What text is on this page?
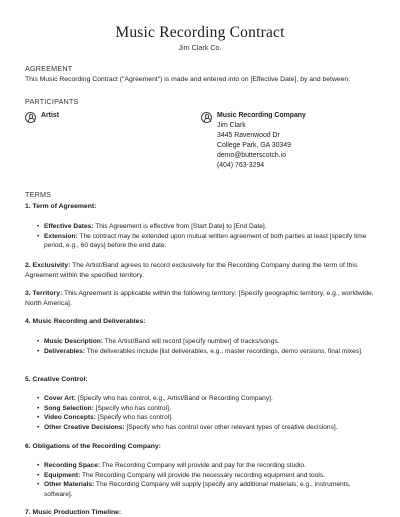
Music Recording Contract
Jim Clark Co.
AGREEMENT
This Music Recording Contract ("Agreement") is made and entered into on [Effective Date], by and between:
PARTICIPANTS
Artist	Music Recording Company
Jim Clark
3445 Ravenwood Dr
College Park, GA 30349
demo@butterscotch.io
(404) 763-3294
TERMS
1. Term of Agreement:
• Effective Dates: This Agreement is effective from [Start Date] to [End Date].
• Extension: The contract may be extended upon mutual written agreement of both parties at least [specify time period, e.g., 60 days] before the end date.
2. Exclusivity: The Artist/Band agrees to record exclusively for the Recording Company during the term of this Agreement within the specified territory.
3. Territory: This Agreement is applicable within the following territory: [Specify geographic territory, e.g., worldwide, North America].
4. Music Recording and Deliverables:
• Music Description: The Artist/Band will record [specify number] of tracks/songs.
• Deliverables: The deliverables include [list deliverables, e.g., master recordings, demo versions, final mixes].
5. Creative Control:
• Cover Art: [Specify who has control, e.g., Artist/Band or Recording Company].
• Song Selection: [Specify who has control].
• Video Concepts: [Specify who has control].
• Other Creative Decisions: [Specify who has control over other relevant types of creative decisions].
6. Obligations of the Recording Company:
• Recording Space: The Recording Company will provide and pay for the recording studio.
• Equipment: The Recording Company will provide the necessary recording equipment and tools.
• Other Materials: The Recording Company will supply [specify any additional materials, e.g., instruments, software].
7. Music Production Timeline:
